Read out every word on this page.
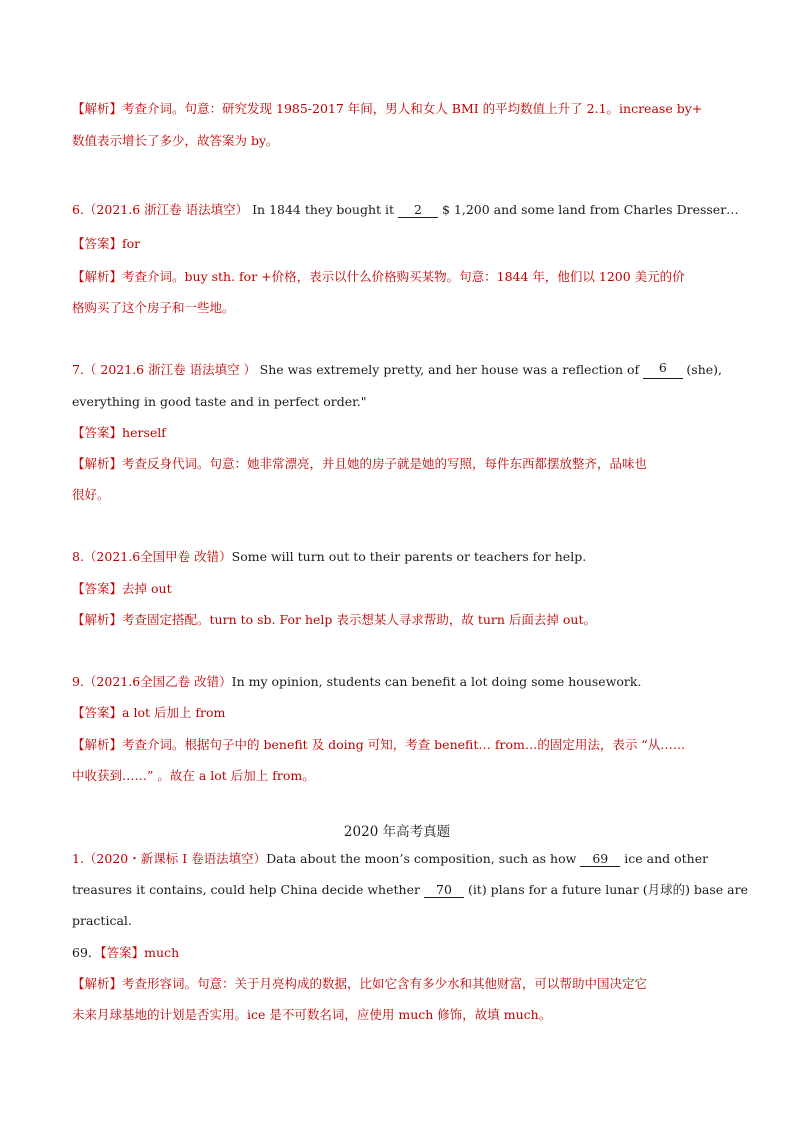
【解析】考查介词。句意：研究发现 1985-2017 年间，男人和女人 BMI 的平均数值上升了 2.1。increase by+
数值表示增长了多少，故答案为 by。
6.（2021.6 浙江卷 语法填空） In 1844 they bought it 2 $ 1,200 and some land from Charles Dresser…
【答案】for
【解析】考查介词。buy sth. for +价格，表示以什么价格购买某物。句意：1844 年，他们以 1200 美元的价
格购买了这个房子和一些地。
7.（ 2021.6 浙江卷 语法填空 ） She was extremely pretty, and her house was a reflection of	6	(she),
everything in good taste and in perfect order."
【答案】herself
【解析】考查反身代词。句意：她非常漂亮，并且她的房子就是她的写照，每件东西都摆放整齐，品味也
很好。
8.（2021.6全国甲卷 改错）Some will turn out to their parents or teachers for help.
【答案】去掉 out
【解析】考查固定搭配。turn to sb. For help 表示想某人寻求帮助，故 turn 后面去掉 out。
9.（2021.6全国乙卷 改错）In my opinion, students can benefit a lot doing some housework.
【答案】a lot 后加上 from
【解析】考查介词。根据句子中的 benefit 及 doing 可知，考查 benefit… from…的固定用法，表示 “从……
中收获到……” 。故在 a lot 后加上 from。
2020 年高考真题
1.（2020・新课标 I 卷语法填空）Data about the moon’s composition, such as how 69 ice and other
treasures it contains, could help China decide whether 70 (it) plans for a future lunar (月球的) base are
practical.
69．【答案】much
【解析】考查形容词。句意：关于月亮构成的数据，比如它含有多少水和其他财富，可以帮助中国决定它
未来月球基地的计划是否实用。ice 是不可数名词，应使用 much 修饰，故填 much。
